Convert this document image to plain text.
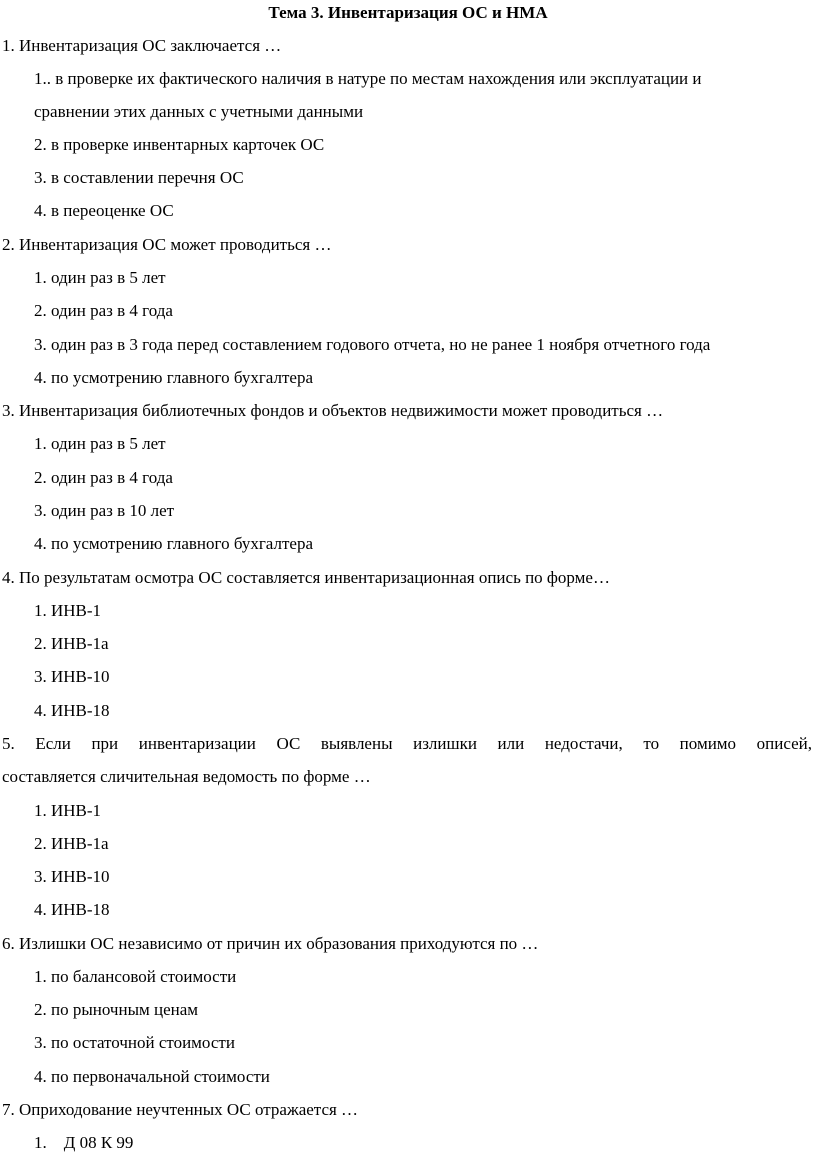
Тема 3. Инвентаризация ОС и НМА
1. Инвентаризация ОС заключается …
1.. в проверке их фактического наличия в натуре по местам нахождения или эксплуатации и
сравнении этих данных с учетными данными
2. в проверке инвентарных карточек ОС
3. в составлении перечня ОС
4. в переоценке ОС
2. Инвентаризация ОС может проводиться …
1. один раз в 5 лет
2. один раз в 4 года
3. один раз в 3 года перед составлением годового отчета, но не ранее 1 ноября отчетного года
4. по усмотрению главного бухгалтера
3. Инвентаризация библиотечных фондов и объектов недвижимости может проводиться …
1. один раз в 5 лет
2. один раз в 4 года
3. один раз в 10 лет
4. по усмотрению главного бухгалтера
4. По результатам осмотра ОС составляется инвентаризационная опись по форме…
1. ИНВ-1
2. ИНВ-1а
3. ИНВ-10
4. ИНВ-18
5. Если при инвентаризации ОС выявлены излишки или недостачи, то помимо описей,
составляется сличительная ведомость по форме …
1. ИНВ-1
2. ИНВ-1а
3. ИНВ-10
4. ИНВ-18
6. Излишки ОС независимо от причин их образования приходуются по …
1. по балансовой стоимости
2. по рыночным ценам
3. по остаточной стоимости
4. по первоначальной стоимости
7. Оприходование неучтенных ОС отражается …
1.    Д 08 К 99
